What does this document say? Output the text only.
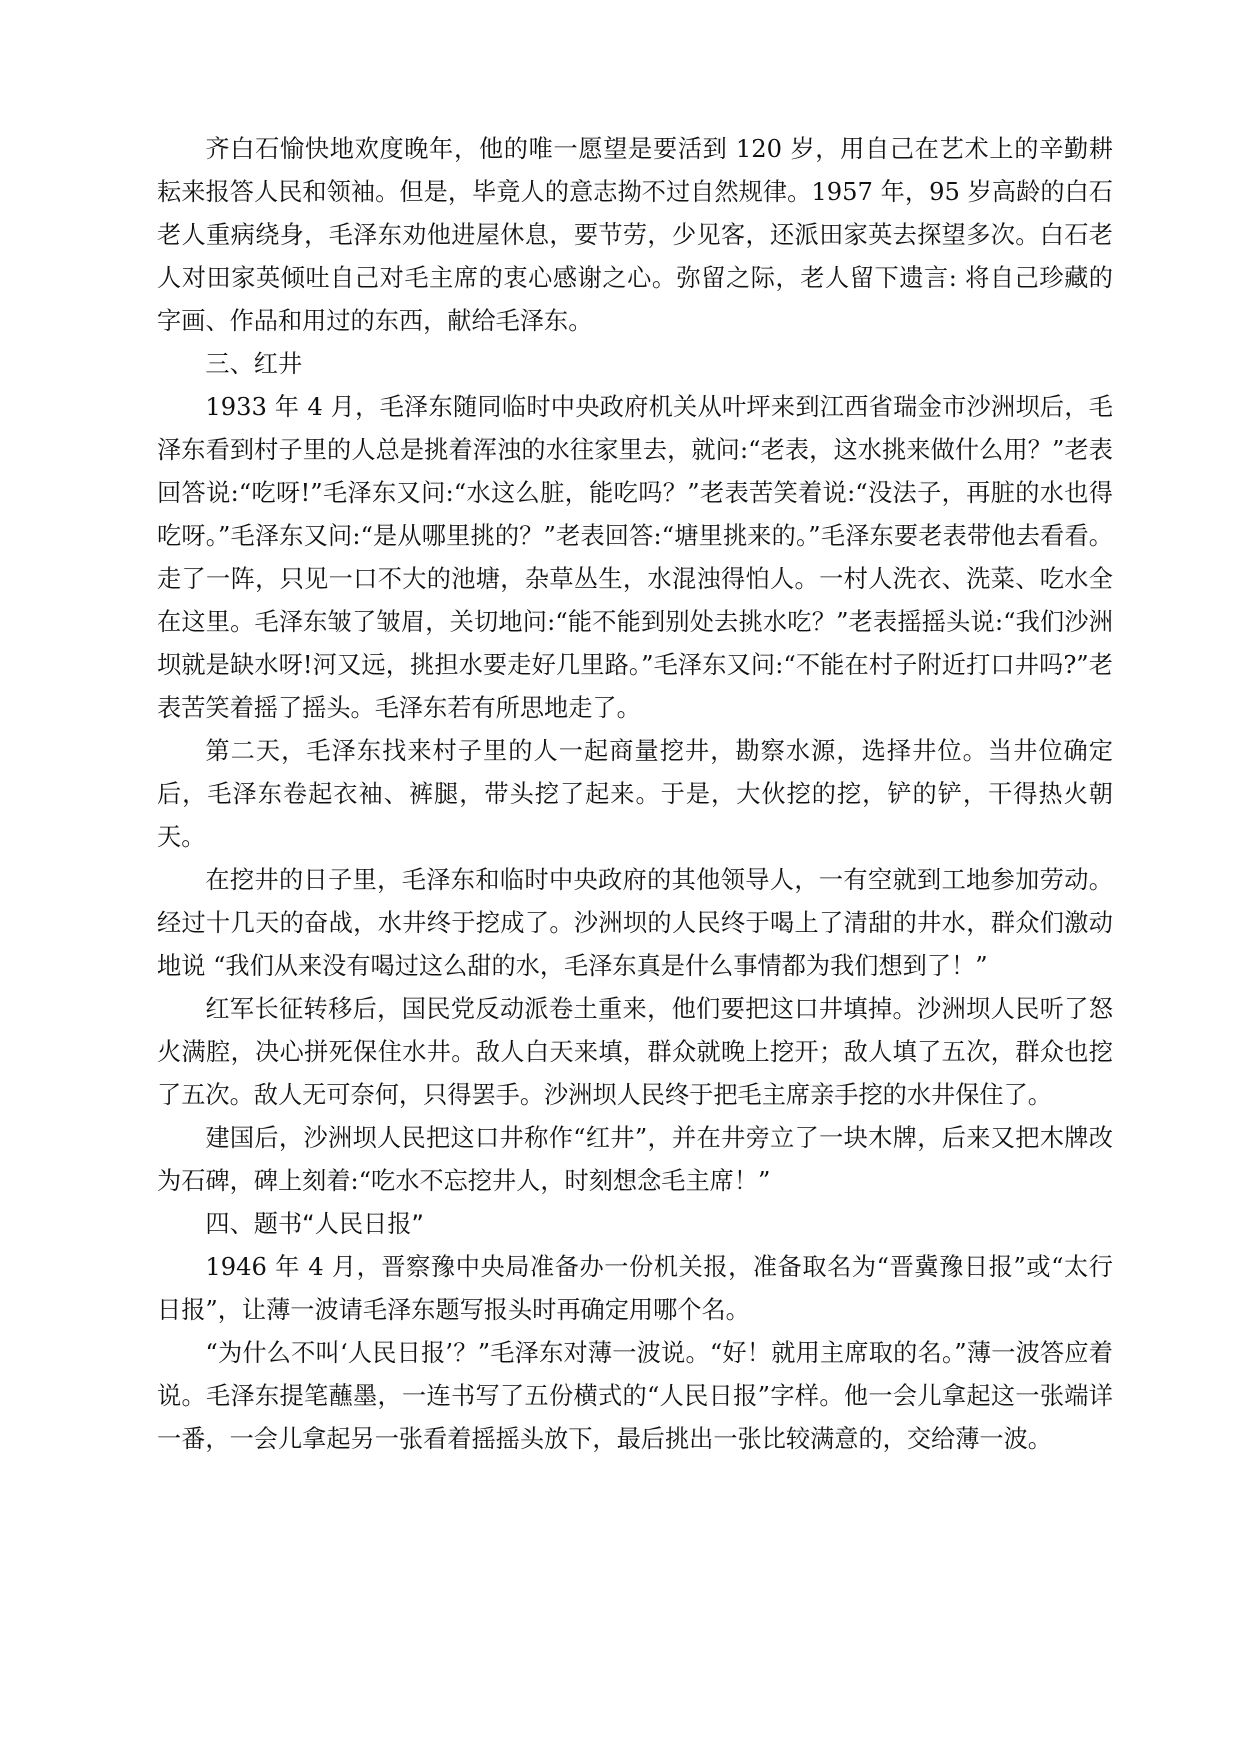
齐白石愉快地欢度晚年，他的唯一愿望是要活到 120 岁，用自己在艺术上的辛勤耕耘来报答人民和领袖。但是，毕竟人的意志拗不过自然规律。1957 年，95 岁高龄的白石老人重病绕身，毛泽东劝他进屋休息，要节劳，少见客，还派田家英去探望多次。白石老人对田家英倾吐自己对毛主席的衷心感谢之心。弥留之际，老人留下遗言: 将自己珍藏的字画、作品和用过的东西，献给毛泽东。

三、红井

1933 年 4 月，毛泽东随同临时中央政府机关从叶坪来到江西省瑞金市沙洲坝后，毛泽东看到村子里的人总是挑着浑浊的水往家里去，就问:“老表，这水挑来做什么用？”老表回答说:“吃呀!”毛泽东又问:“水这么脏，能吃吗？”老表苦笑着说:“没法子，再脏的水也得吃呀。”毛泽东又问:“是从哪里挑的？”老表回答:“塘里挑来的。”毛泽东要老表带他去看看。走了一阵，只见一口不大的池塘，杂草丛生，水混浊得怕人。一村人洗衣、洗菜、吃水全在这里。毛泽东皱了皱眉，关切地问:“能不能到别处去挑水吃？”老表摇摇头说:“我们沙洲坝就是缺水呀!河又远，挑担水要走好几里路。”毛泽东又问:“不能在村子附近打口井吗?”老表苦笑着摇了摇头。毛泽东若有所思地走了。

第二天，毛泽东找来村子里的人一起商量挖井，勘察水源，选择井位。当井位确定后，毛泽东卷起衣袖、裤腿，带头挖了起来。于是，大伙挖的挖，铲的铲，干得热火朝天。

在挖井的日子里，毛泽东和临时中央政府的其他领导人，一有空就到工地参加劳动。经过十几天的奋战，水井终于挖成了。沙洲坝的人民终于喝上了清甜的井水，群众们激动地说 “我们从来没有喝过这么甜的水，毛泽东真是什么事情都为我们想到了！”

红军长征转移后，国民党反动派卷土重来，他们要把这口井填掉。沙洲坝人民听了怒火满腔，决心拼死保住水井。敌人白天来填，群众就晚上挖开；敌人填了五次，群众也挖了五次。敌人无可奈何，只得罢手。沙洲坝人民终于把毛主席亲手挖的水井保住了。

建国后，沙洲坝人民把这口井称作“红井”，并在井旁立了一块木牌，后来又把木牌改为石碑，碑上刻着:“吃水不忘挖井人，时刻想念毛主席！”

四、题书“人民日报”

1946 年 4 月，晋察豫中央局准备办一份机关报，准备取名为“晋冀豫日报”或“太行日报”，让薄一波请毛泽东题写报头时再确定用哪个名。

“为什么不叫‘人民日报’？”毛泽东对薄一波说。“好！就用主席取的名。”薄一波答应着说。毛泽东提笔蘸墨，一连书写了五份横式的“人民日报”字样。他一会儿拿起这一张端详一番，一会儿拿起另一张看着摇摇头放下，最后挑出一张比较满意的，交给薄一波。
